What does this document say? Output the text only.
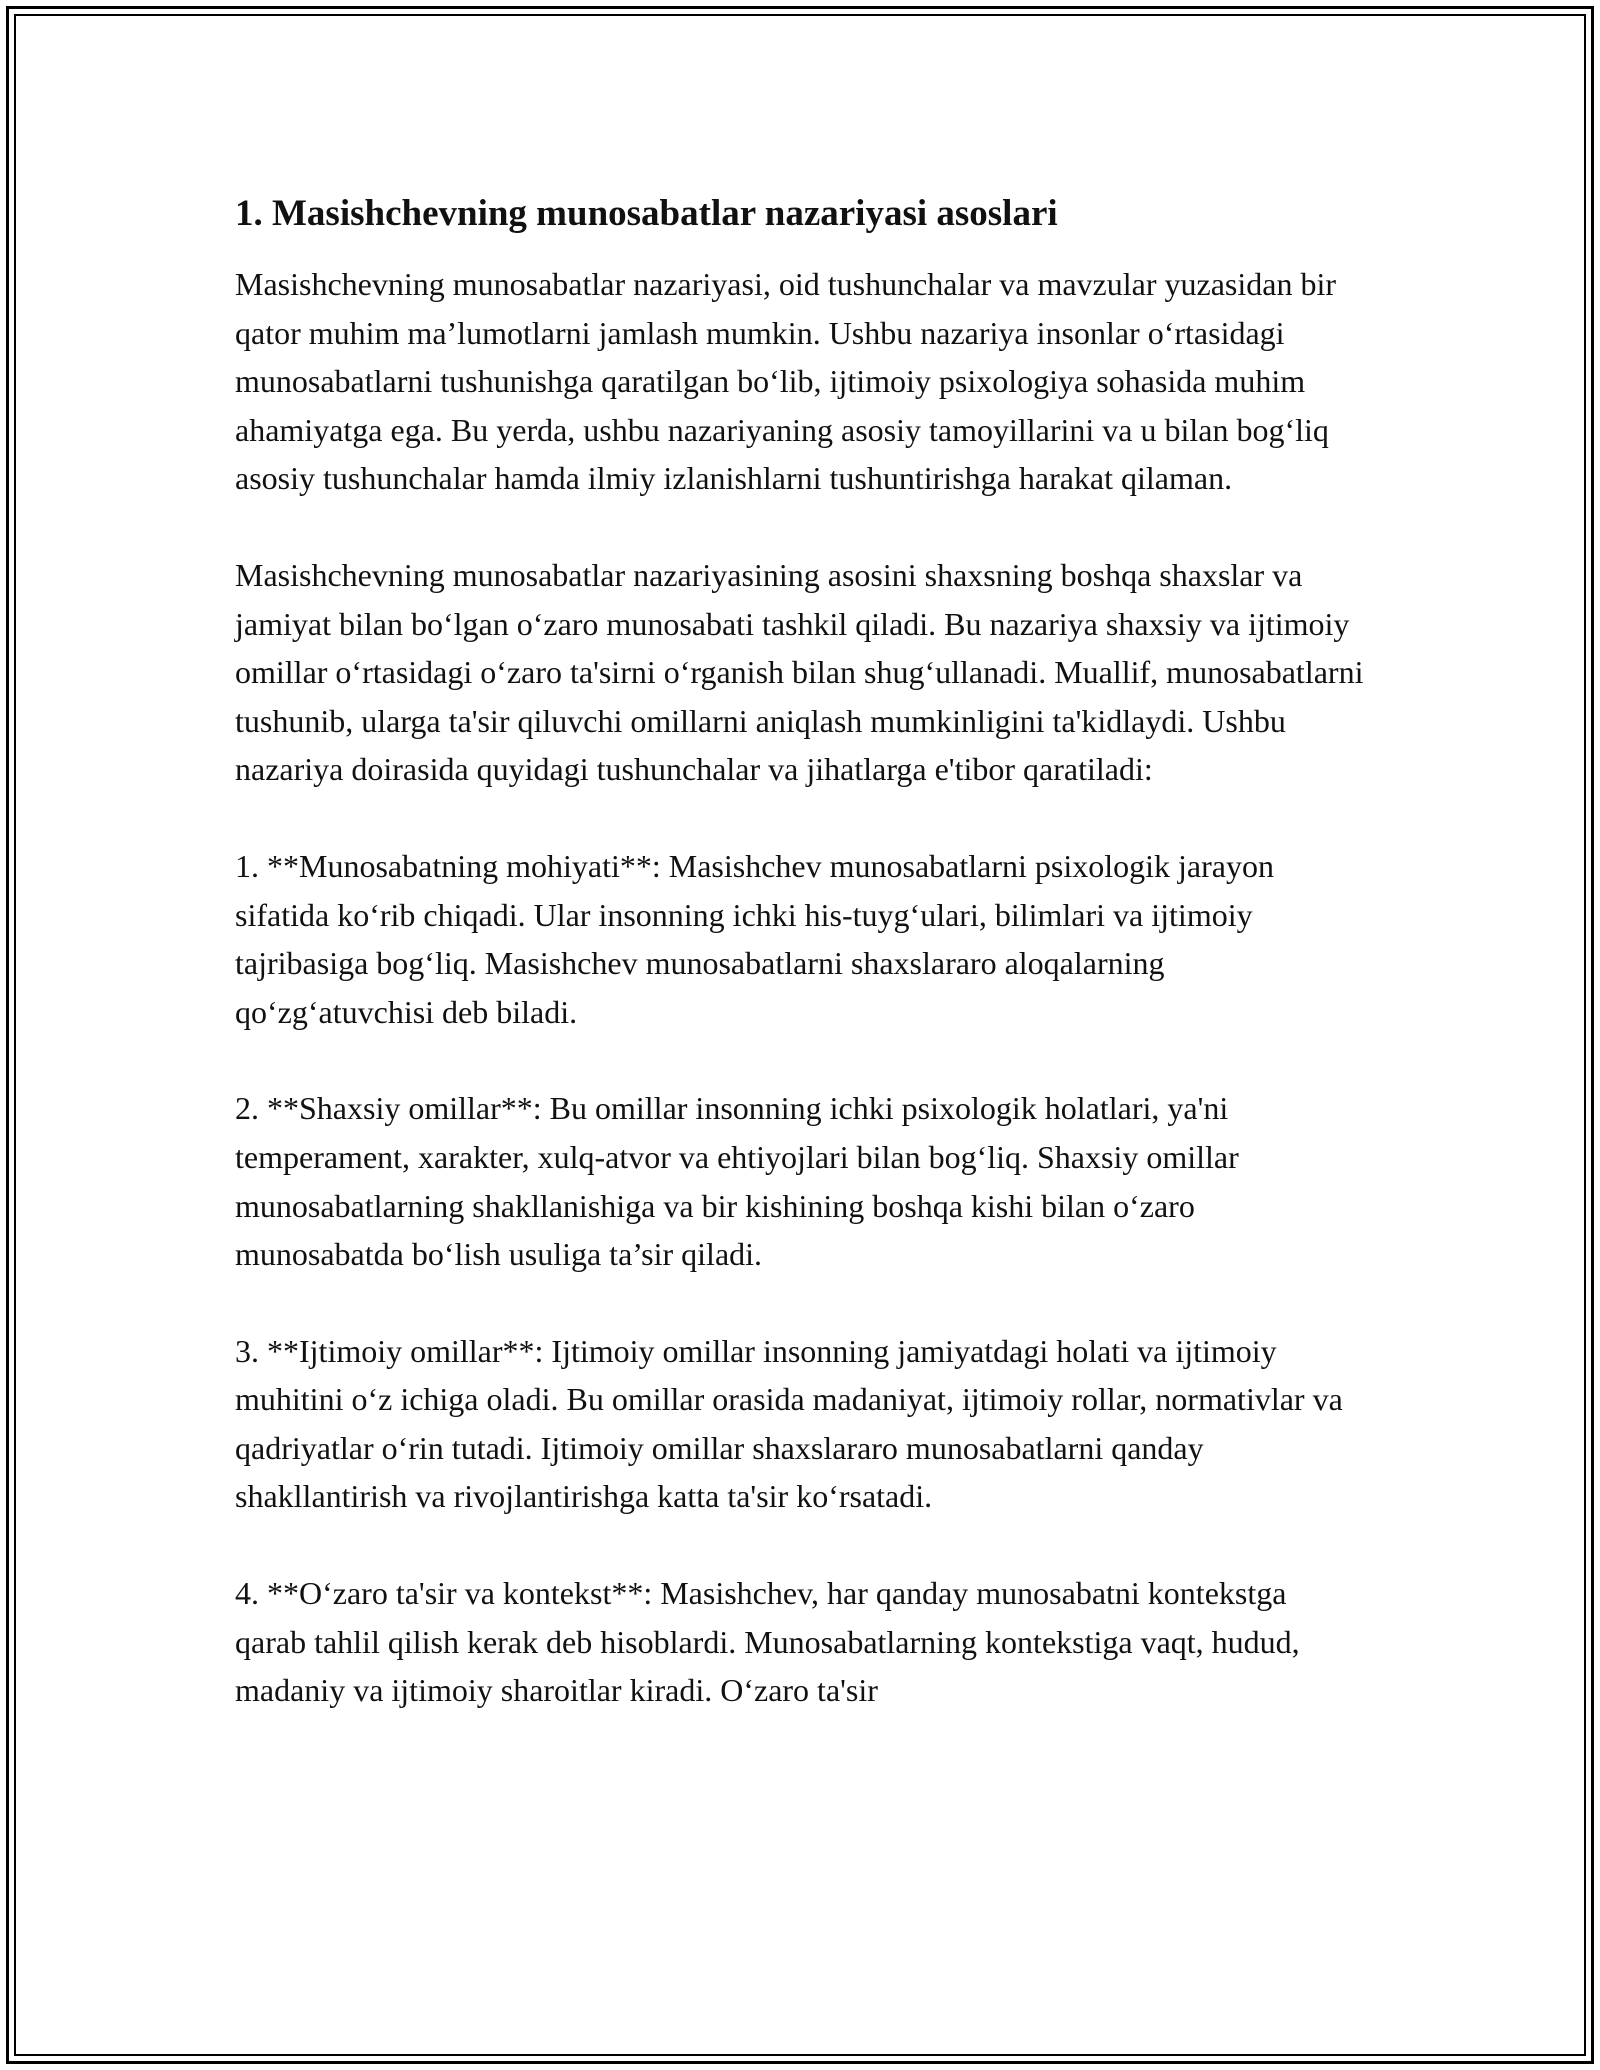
1. Masishchevning munosabatlar nazariyasi asoslari

Masishchevning munosabatlar nazariyasi, oid tushunchalar va mavzular yuzasidan bir qator muhim ma’lumotlarni jamlash mumkin. Ushbu nazariya insonlar o‘rtasidagi munosabatlarni tushunishga qaratilgan bo‘lib, ijtimoiy psixologiya sohasida muhim ahamiyatga ega. Bu yerda, ushbu nazariyaning asosiy tamoyillarini va u bilan bog‘liq asosiy tushunchalar hamda ilmiy izlanishlarni tushuntirishga harakat qilaman.

Masishchevning munosabatlar nazariyasining asosini shaxsning boshqa shaxslar va jamiyat bilan bo‘lgan o‘zaro munosabati tashkil qiladi. Bu nazariya shaxsiy va ijtimoiy omillar o‘rtasidagi o‘zaro ta'sirni o‘rganish bilan shug‘ullanadi. Muallif, munosabatlarni tushunib, ularga ta'sir qiluvchi omillarni aniqlash mumkinligini ta'kidlaydi. Ushbu nazariya doirasida quyidagi tushunchalar va jihatlarga e'tibor qaratiladi:

1. **Munosabatning mohiyati**: Masishchev munosabatlarni psixologik jarayon sifatida ko‘rib chiqadi. Ular insonning ichki his-tuyg‘ulari, bilimlari va ijtimoiy tajribasiga bog‘liq. Masishchev munosabatlarni shaxslararo aloqalarning qo‘zg‘atuvchisi deb biladi.

2. **Shaxsiy omillar**: Bu omillar insonning ichki psixologik holatlari, ya'ni temperament, xarakter, xulq-atvor va ehtiyojlari bilan bog‘liq. Shaxsiy omillar munosabatlarning shakllanishiga va bir kishining boshqa kishi bilan o‘zaro munosabatda bo‘lish usuliga ta’sir qiladi.

3. **Ijtimoiy omillar**: Ijtimoiy omillar insonning jamiyatdagi holati va ijtimoiy muhitini o‘z ichiga oladi. Bu omillar orasida madaniyat, ijtimoiy rollar, normativlar va qadriyatlar o‘rin tutadi. Ijtimoiy omillar shaxslararo munosabatlarni qanday shakllantirish va rivojlantirishga katta ta'sir ko‘rsatadi.

4. **O‘zaro ta'sir va kontekst**: Masishchev, har qanday munosabatni kontekstga qarab tahlil qilish kerak deb hisoblardi. Munosabatlarning kontekstiga vaqt, hudud, madaniy va ijtimoiy sharoitlar kiradi. O‘zaro ta'sir
